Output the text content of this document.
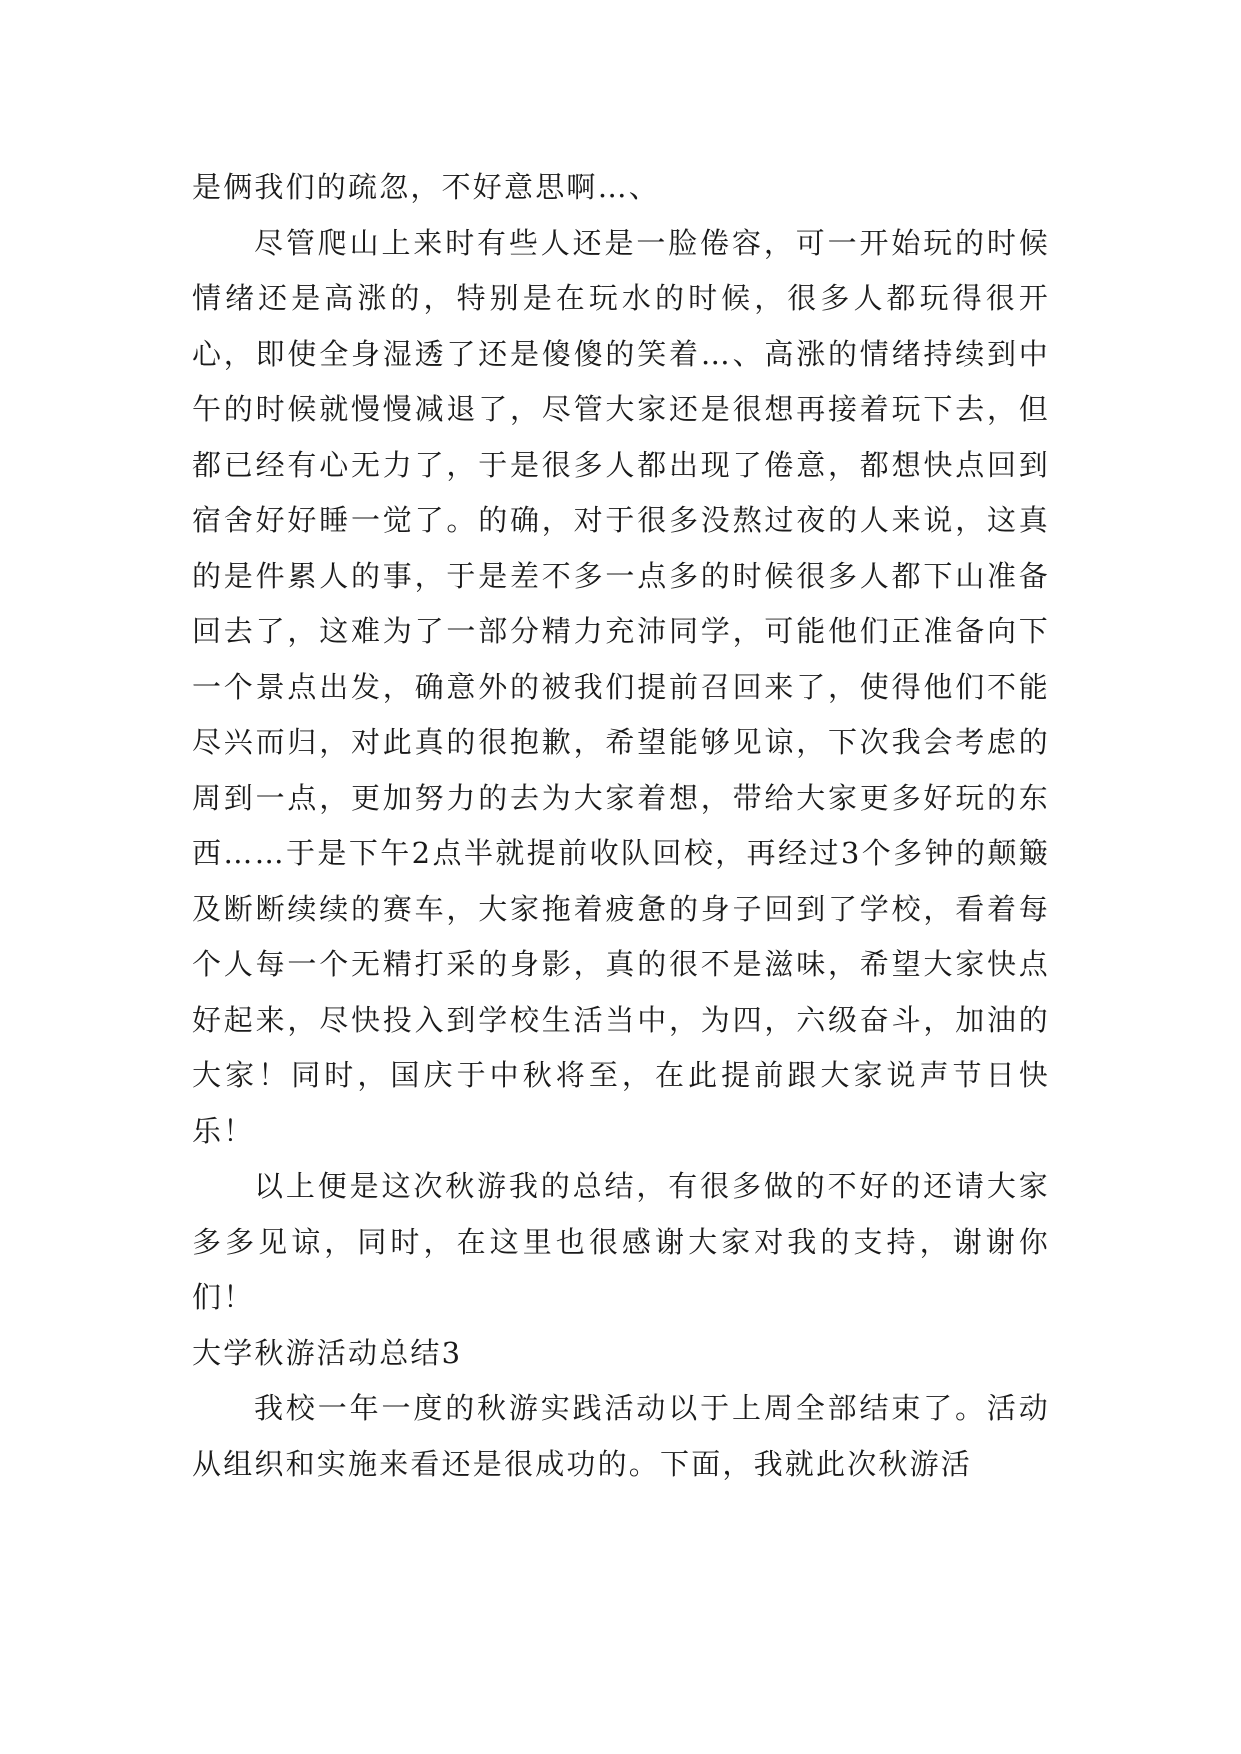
是俩我们的疏忽，不好意思啊…、

尽管爬山上来时有些人还是一脸倦容，可一开始玩的时候情绪还是高涨的，特别是在玩水的时候，很多人都玩得很开心，即使全身湿透了还是傻傻的笑着…、高涨的情绪持续到中午的时候就慢慢减退了，尽管大家还是很想再接着玩下去，但都已经有心无力了，于是很多人都出现了倦意，都想快点回到宿舍好好睡一觉了。的确，对于很多没熬过夜的人来说，这真的是件累人的事，于是差不多一点多的时候很多人都下山准备回去了，这难为了一部分精力充沛同学，可能他们正准备向下一个景点出发，确意外的被我们提前召回来了，使得他们不能尽兴而归，对此真的很抱歉，希望能够见谅，下次我会考虑的周到一点，更加努力的去为大家着想，带给大家更多好玩的东西……于是下午2点半就提前收队回校，再经过3个多钟的颠簸及断断续续的赛车，大家拖着疲惫的身子回到了学校，看着每个人每一个无精打采的身影，真的很不是滋味，希望大家快点好起来，尽快投入到学校生活当中，为四，六级奋斗，加油的大家！同时，国庆于中秋将至，在此提前跟大家说声节日快乐！

以上便是这次秋游我的总结，有很多做的不好的还请大家多多见谅，同时，在这里也很感谢大家对我的支持，谢谢你们！

大学秋游活动总结3

我校一年一度的秋游实践活动以于上周全部结束了。活动从组织和实施来看还是很成功的。下面，我就此次秋游活
